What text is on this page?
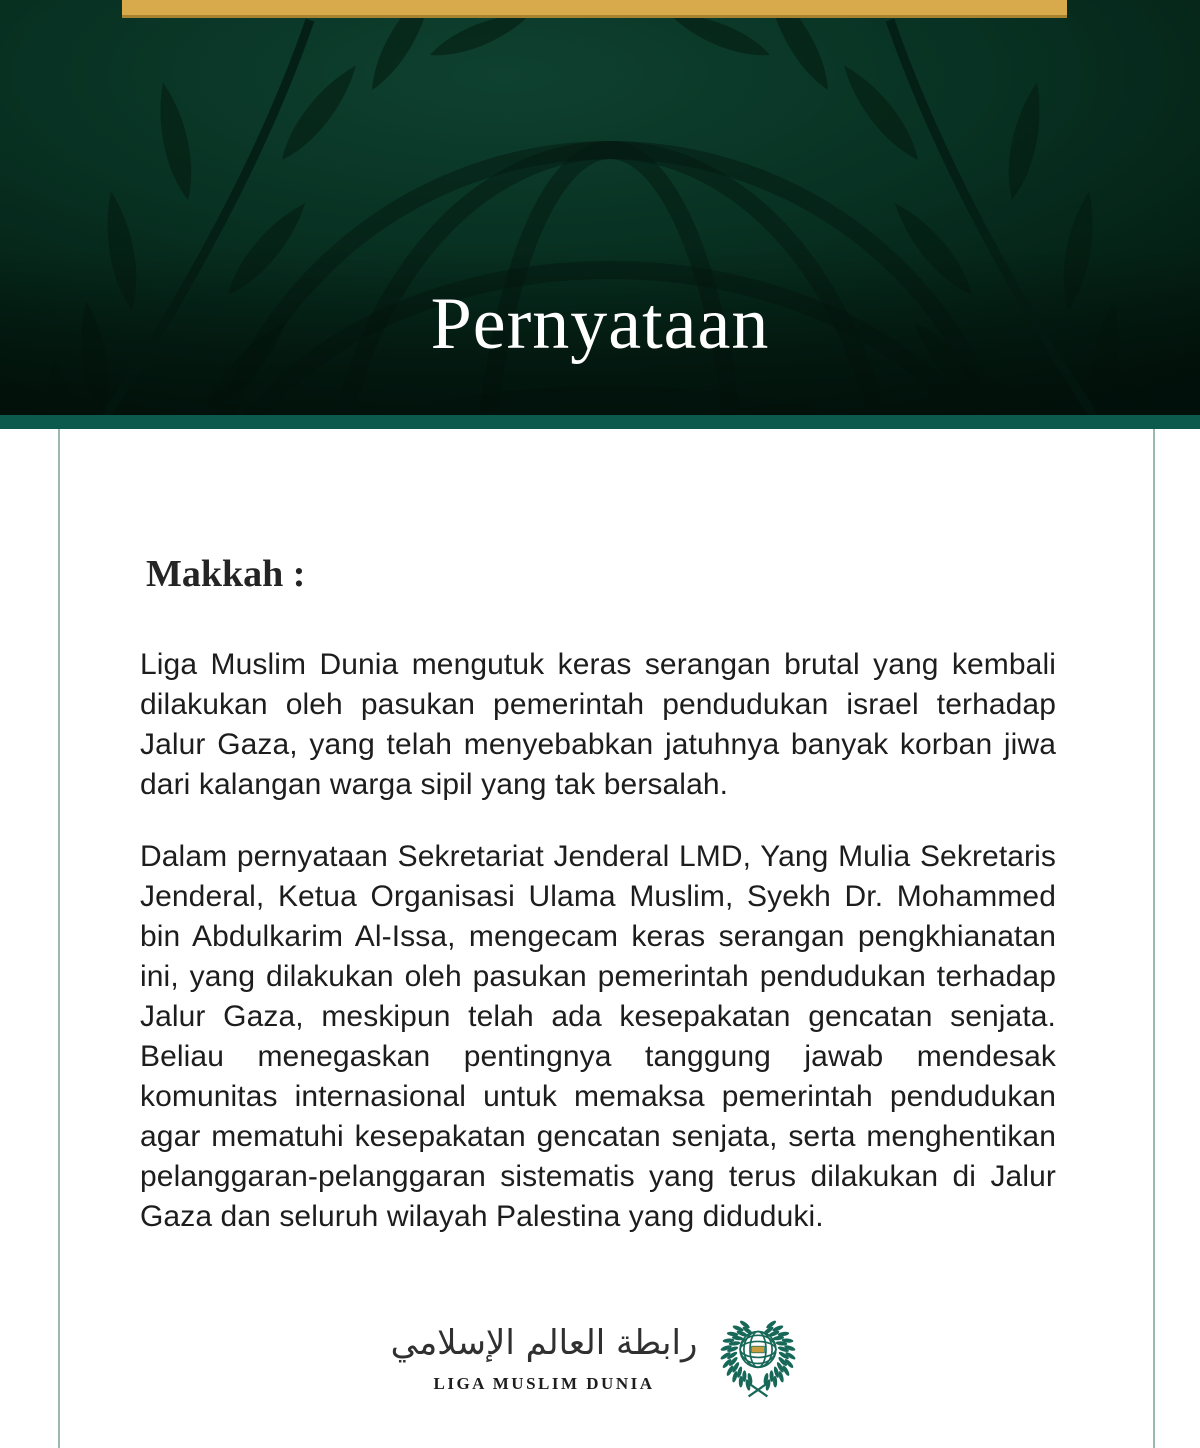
Pernyataan
Makkah :

Liga Muslim Dunia mengutuk keras serangan brutal yang kembali dilakukan oleh pasukan pemerintah pendudukan israel terhadap Jalur Gaza, yang telah menyebabkan jatuhnya banyak korban jiwa dari kalangan warga sipil yang tak bersalah.

Dalam pernyataan Sekretariat Jenderal LMD, Yang Mulia Sekretaris Jenderal, Ketua Organisasi Ulama Muslim, Syekh Dr. Mohammed bin Abdulkarim Al-Issa, mengecam keras serangan pengkhianatan ini, yang dilakukan oleh pasukan pemerintah pendudukan terhadap Jalur Gaza, meskipun telah ada kesepakatan gencatan senjata. Beliau menegaskan pentingnya tanggung jawab mendesak komunitas internasional untuk memaksa pemerintah pendudukan agar mematuhi kesepakatan gencatan senjata, serta menghentikan pelanggaran-pelanggaran sistematis yang terus dilakukan di Jalur Gaza dan seluruh wilayah Palestina yang diduduki.

رابطة العالم الإسلامي
LIGA MUSLIM DUNIA
